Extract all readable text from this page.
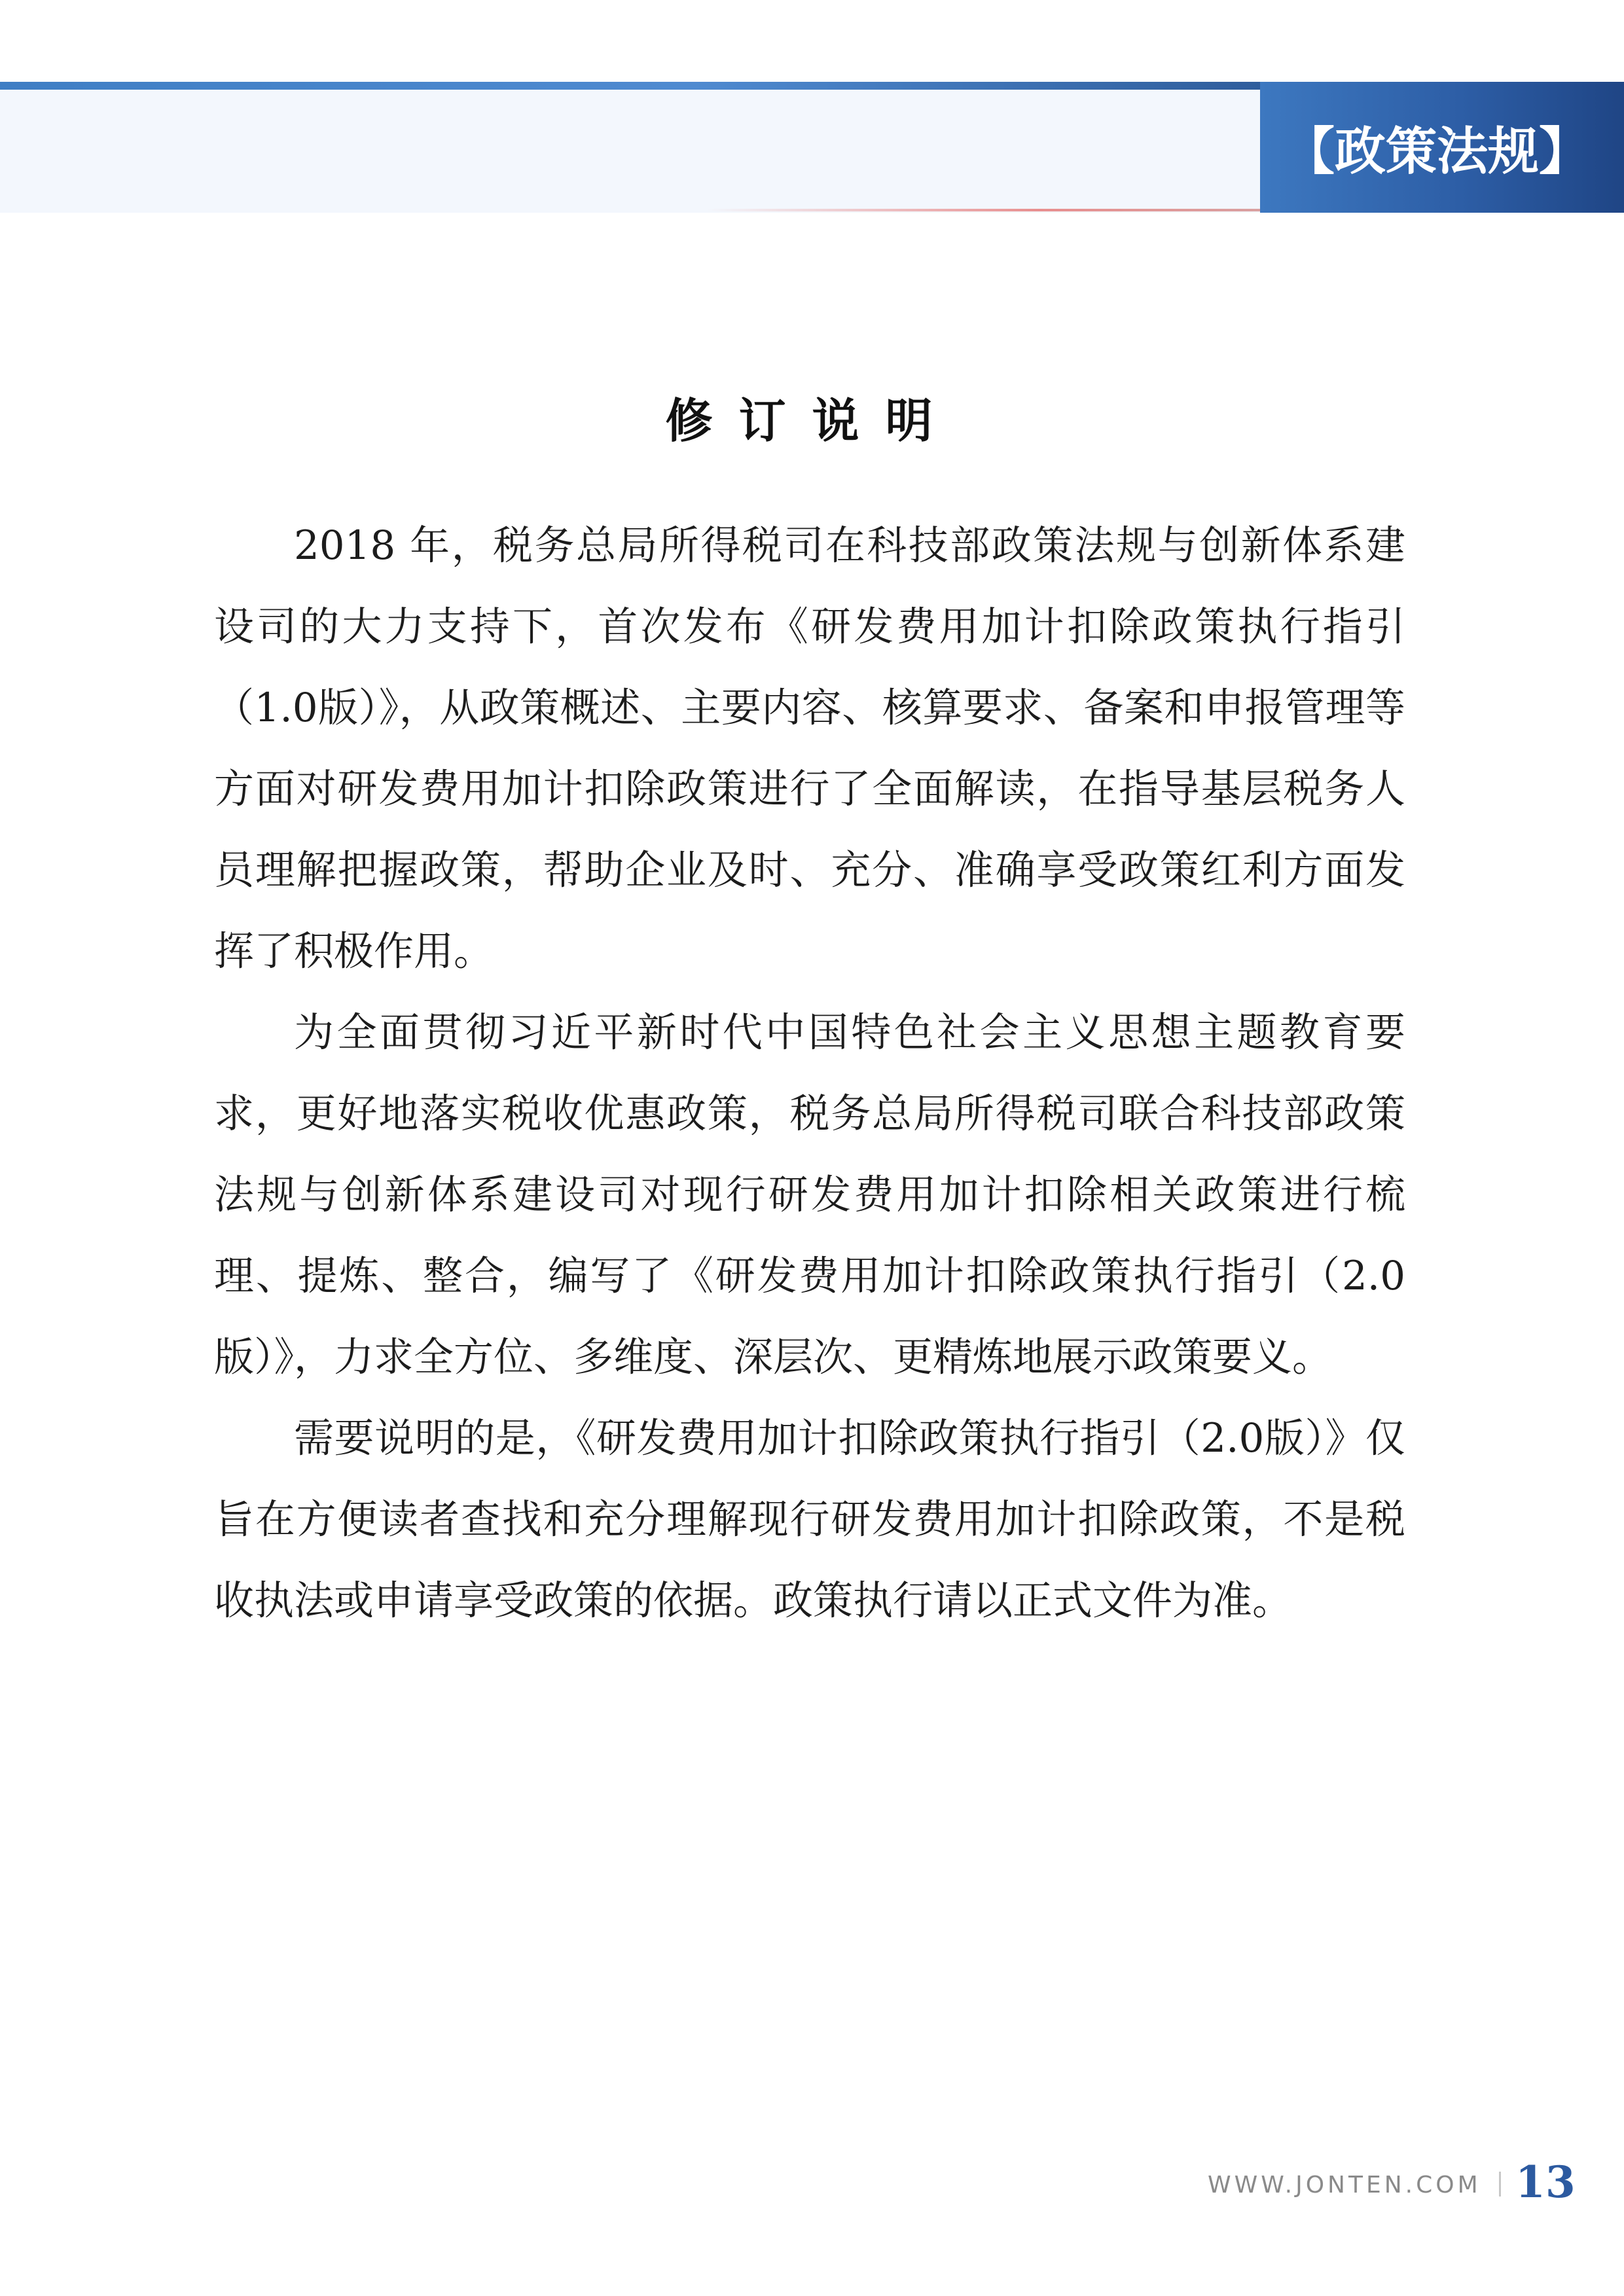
【政策法规】
修订说明

2018 年，税务总局所得税司在科技部政策法规与创新体系建设司的大力支持下，首次发布《研发费用加计扣除政策执行指引（1.0版）》，从政策概述、主要内容、核算要求、备案和申报管理等方面对研发费用加计扣除政策进行了全面解读，在指导基层税务人员理解把握政策，帮助企业及时、充分、准确享受政策红利方面发挥了积极作用。

为全面贯彻习近平新时代中国特色社会主义思想主题教育要求，更好地落实税收优惠政策，税务总局所得税司联合科技部政策法规与创新体系建设司对现行研发费用加计扣除相关政策进行梳理、提炼、整合，编写了《研发费用加计扣除政策执行指引（2.0版）》，力求全方位、多维度、深层次、更精炼地展示政策要义。

需要说明的是，《研发费用加计扣除政策执行指引（2.0版）》仅旨在方便读者查找和充分理解现行研发费用加计扣除政策，不是税收执法或申请享受政策的依据。政策执行请以正式文件为准。

WWW.JONTEN.COM 13
